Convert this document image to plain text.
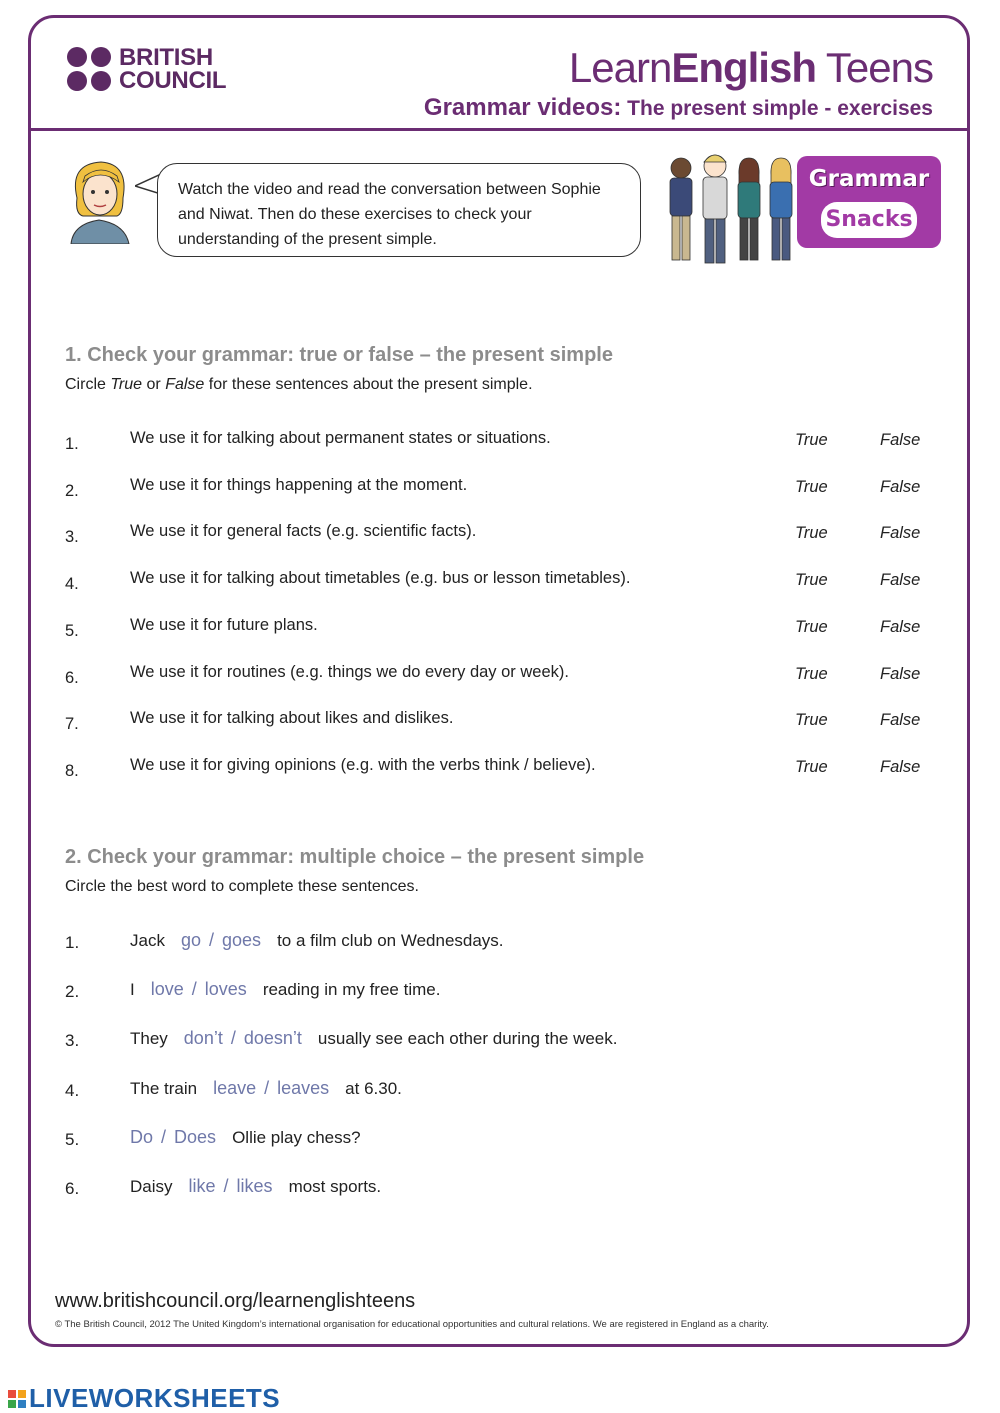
BRITISH
COUNCIL	LearnEnglish Teens
Grammar videos: The present simple - exercises
Watch the video and read the conversation between Sophie and Niwat. Then do these exercises to check your understanding of the present simple.
Grammar
Snacks
1. Check your grammar: true or false – the present simple
Circle True or False for these sentences about the present simple.
1.	We use it for talking about permanent states or situations.	True	False
2.	We use it for things happening at the moment.	True	False
3.	We use it for general facts (e.g. scientific facts).	True	False
4.	We use it for talking about timetables (e.g. bus or lesson timetables).	True	False
5.	We use it for future plans.	True	False
6.	We use it for routines (e.g. things we do every day or week).	True	False
7.	We use it for talking about likes and dislikes.	True	False
8.	We use it for giving opinions (e.g. with the verbs think / believe).	True	False
2. Check your grammar: multiple choice – the present simple
Circle the best word to complete these sentences.
1.	Jack go / goes to a film club on Wednesdays.
2.	I love / loves reading in my free time.
3.	They don’t / doesn’t usually see each other during the week.
4.	The train leave / leaves at 6.30.
5.	Do / Does Ollie play chess?
6.	Daisy like / likes most sports.
www.britishcouncil.org/learnenglishteens
© The British Council, 2012 The United Kingdom’s international organisation for educational opportunities and cultural relations. We are registered in England as a charity.
LIVEWORKSHEETS
